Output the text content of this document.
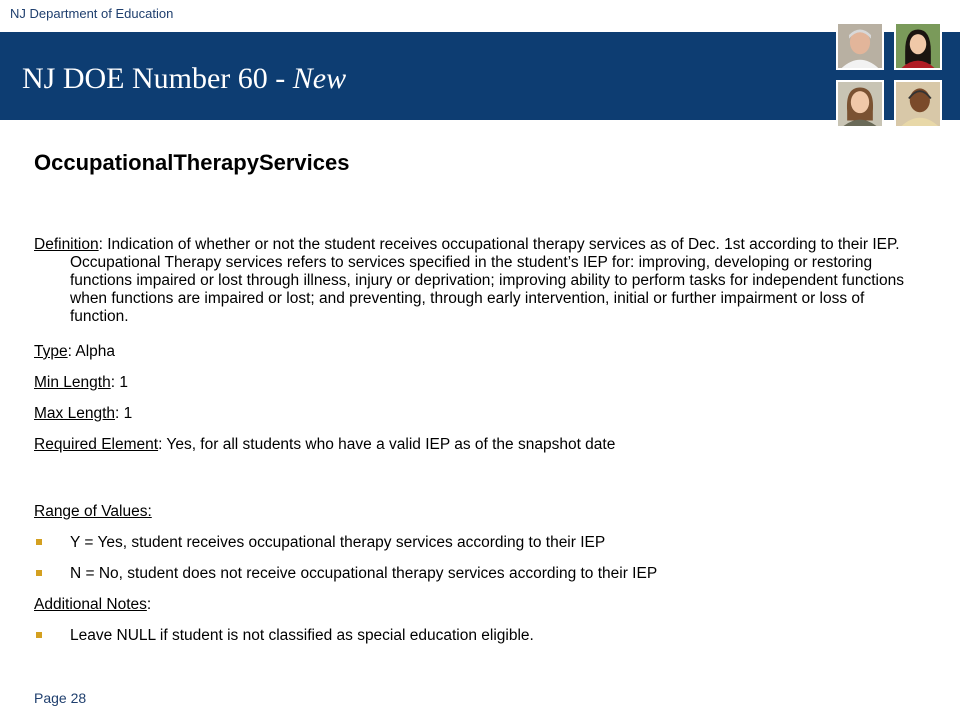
NJ Department of Education
NJ DOE Number 60 - New
OccupationalTherapyServices

Definition: Indication of whether or not the student receives occupational therapy services as of Dec. 1st according to their IEP. Occupational Therapy services refers to services specified in the student’s IEP for: improving, developing or restoring functions impaired or lost through illness, injury or deprivation; improving ability to perform tasks for independent functions when functions are impaired or lost; and preventing, through early intervention, initial or further impairment or loss of function.

Type: Alpha

Min Length: 1

Max Length: 1

Required Element: Yes, for all students who have a valid IEP as of the snapshot date

Range of Values:

Y = Yes, student receives occupational therapy services according to their IEP

N = No, student does not receive occupational therapy services according to their IEP

Additional Notes:

Leave NULL if student is not classified as special education eligible.

Page 28
